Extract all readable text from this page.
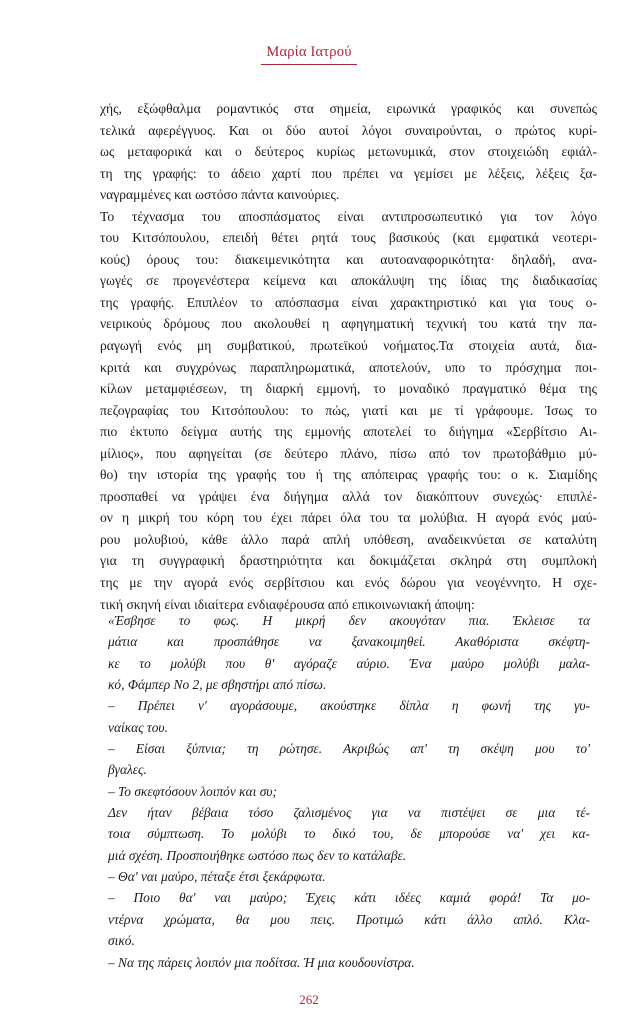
Μαρία Ιατρού
χής, εξώφθαλμα ρομαντικός στα σημεία, ειρωνικά γραφικός και συνεπώς
τελικά αφερέγγυος. Και οι δύο αυτοί λόγοι συναιρούνται, ο πρώτος κυρί-
ως μεταφορικά και ο δεύτερος κυρίως μετωνυμικά, στον στοιχειώδη εφιάλ-
τη της γραφής: το άδειο χαρτί που πρέπει να γεμίσει με λέξεις, λέξεις ξα-
ναγραμμένες και ωστόσο πάντα καινούριες.
Το τέχνασμα του αποσπάσματος είναι αντιπροσωπευτικό για τον λόγο
του Κιτσόπουλου, επειδή θέτει ρητά τους βασικούς (και εμφατικά νεοτερι-
κούς) όρους του: διακειμενικότητα και αυτοαναφορικότητα· δηλαδή, ανα-
γωγές σε προγενέστερα κείμενα και αποκάλυψη της ίδιας της διαδικασίας
της γραφής. Επιπλέον το απόσπασμα είναι χαρακτηριστικό και για τους ο-
νειρικούς δρόμους που ακολουθεί η αφηγηματική τεχνική του κατά την πα-
ραγωγή ενός μη συμβατικού, πρωτεϊκού νοήματος.Τα στοιχεία αυτά, δια-
κριτά και συγχρόνως παραπληρωματικά, αποτελούν, υπο το πρόσχημα ποι-
κίλων μεταμφιέσεων, τη διαρκή εμμονή, το μοναδικό πραγματικό θέμα της
πεζογραφίας του Κιτσόπουλου: το πώς, γιατί και με τί γράφουμε. Ίσως το
πιο έκτυπο δείγμα αυτής της εμμονής αποτελεί το διήγημα «Σερβίτσιο Αι-
μίλιος», που αφηγείται (σε δεύτερο πλάνο, πίσω από τον πρωτοβάθμιο μύ-
θο) την ιστορία της γραφής του ή της απόπειρας γραφής του: ο κ. Σιαμίδης
προσπαθεί να γράψει ένα διήγημα αλλά τον διακόπτουν συνεχώς· επιπλέ-
ον η μικρή του κόρη του έχει πάρει όλα του τα μολύβια. Η αγορά ενός μαύ-
ρου μολυβιού, κάθε άλλο παρά απλή υπόθεση, αναδεικνύεται σε καταλύτη
για τη συγγραφική δραστηριότητα και δοκιμάζεται σκληρά στη συμπλοκή
της με την αγορά ενός σερβίτσιου και ενός δώρου για νεογέννητο. Η σχε-
τική σκηνή είναι ιδιαίτερα ενδιαφέρουσα από επικοινωνιακή άποψη:
«Έσβησε το φως. Η μικρή δεν ακουγόταν πια. Έκλεισε τα
μάτια και προσπάθησε να ξανακοιμηθεί. Ακαθόριστα σκέφτη-
κε το μολύβι που θ' αγόραζε αύριο. Ένα μαύρο μολύβι μαλα-
κό, Φάμπερ Νο 2, με σβηστήρι από πίσω.
– Πρέπει ν' αγοράσουμε, ακούστηκε δίπλα η φωνή της γυ-
ναίκας του.
– Είσαι ξύπνια; τη ρώτησε. Ακριβώς απ' τη σκέψη μου το'
βγαλες.
– Το σκεφτόσουν λοιπόν και συ;
Δεν ήταν βέβαια τόσο ζαλισμένος για να πιστέψει σε μια τέ-
τοια σύμπτωση. Το μολύβι το δικό του, δε μπορούσε να' χει κα-
μιά σχέση. Προσποιήθηκε ωστόσο πως δεν το κατάλαβε.
– Θα' ναι μαύρο, πέταξε έτσι ξεκάρφωτα.
– Ποιο θα' ναι μαύρο; Έχεις κάτι ιδέες καμιά φορά! Τα μο-
ντέρνα χρώματα, θα μου πεις. Προτιμώ κάτι άλλο απλό. Κλα-
σικό.
– Να της πάρεις λοιπόν μια ποδίτσα. Ή μια κουδουνίστρα.
262
